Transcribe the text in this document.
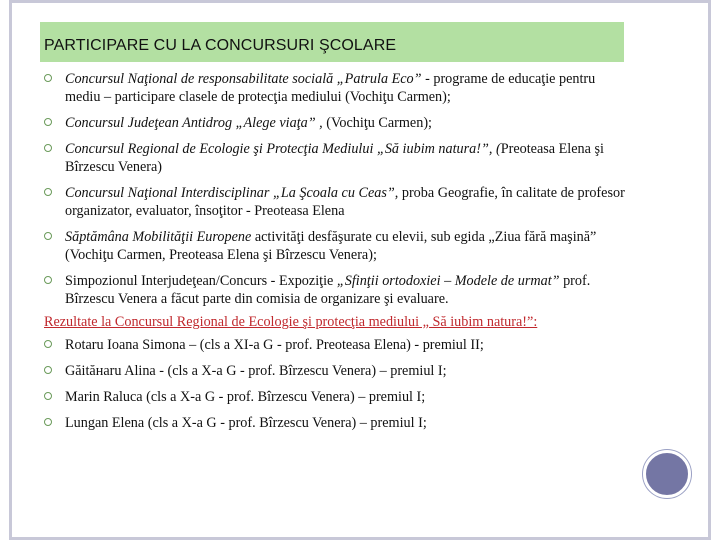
PARTICIPARE CU LA CONCURSURI ŞCOLARE
Concursul Naţional de responsabilitate socială „Patrula Eco” - programe de educaţie pentru mediu – participare clasele de protecţia mediului (Vochiţu Carmen);
Concursul Judeţean Antidrog „Alege viaţa” , (Vochiţu Carmen);
Concursul Regional de Ecologie şi Protecţia Mediului „Să iubim natura!”, (Preoteasa Elena şi Bîrzescu Venera)
Concursul Naţional Interdisciplinar „La Şcoala cu Ceas”, proba Geografie, în calitate de profesor organizator, evaluator, însoţitor - Preoteasa Elena
Săptămâna Mobilităţii Europene activităţi desfăşurate cu elevii, sub egida „Ziua fără maşină” (Vochiţu Carmen, Preoteasa Elena şi Bîrzescu Venera);
Simpozionul Interjudeţean/Concurs - Expoziţie „Sfinţii ortodoxiei – Modele de urmat” prof. Bîrzescu Venera a făcut parte din comisia de organizare şi evaluare.
Rezultate la Concursul Regional de Ecologie şi protecţia mediului „ Să iubim natura!”:
Rotaru Ioana Simona – (cls a XI-a G - prof. Preoteasa Elena) - premiul II;
Găităнaru Alina - (cls a X-a G - prof. Bîrzescu Venera) – premiul I;
Marin Raluca (cls a X-a G - prof. Bîrzescu Venera) – premiul I;
Lungan Elena (cls a X-a G - prof. Bîrzescu Venera) – premiul I;
